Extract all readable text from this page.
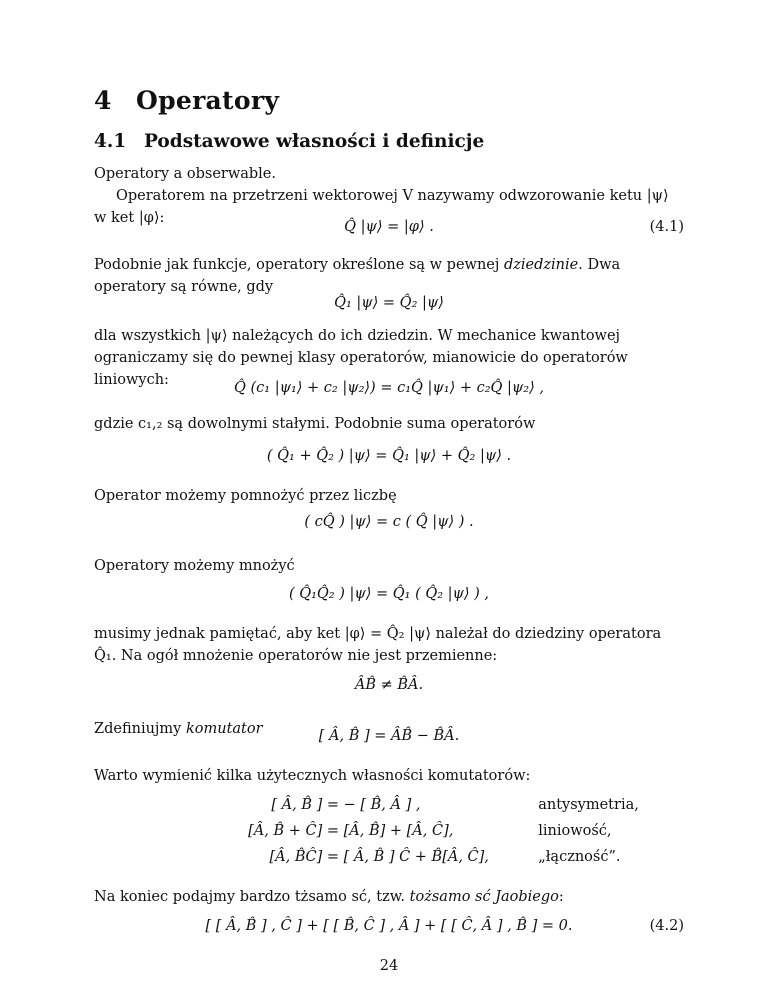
4 Operatory
4.1 Podstawowe własności i definicje
Operatory a obserwable.
Operatorem na przetrzeni wektorowej V nazywamy odwzorowanie ketu |ψ⟩ w ket |φ⟩:
Q̂ |ψ⟩ = |φ⟩ .	(4.1)
Podobnie jak funkcje, operatory określone są w pewnej dziedzinie. Dwa operatory są równe, gdy
Q̂₁ |ψ⟩ = Q̂₂ |ψ⟩
dla wszystkich |ψ⟩ należących do ich dziedzin. W mechanice kwantowej ograniczamy się do pewnej klasy operatorów, mianowicie do operatorów liniowych:	Q̂ (c₁ |ψ₁⟩ + c₂ |ψ₂⟩) = c₁Q̂ |ψ₁⟩ + c₂Q̂ |ψ₂⟩ ,
gdzie c₁,₂ są dowolnymi stałymi. Podobnie suma operatorów
( Q̂₁ + Q̂₂ ) |ψ⟩ = Q̂₁ |ψ⟩ + Q̂₂ |ψ⟩ .
Operator możemy pomnożyć przez liczbę
( cQ̂ ) |ψ⟩ = c ( Q̂ |ψ⟩ ) .
Operatory możemy mnożyć
( Q̂₁Q̂₂ ) |ψ⟩ = Q̂₁ ( Q̂₂ |ψ⟩ ) ,
musimy jednak pamiętać, aby ket |φ⟩ = Q̂₂ |ψ⟩ należał do dziedziny operatora Q̂₁. Na ogół mnożenie operatorów nie jest przemienne:
ÂB̂ ≠ B̂Â.
Zdefiniujmy komutator	[ Â, B̂ ] = ÂB̂ − B̂Â.
Warto wymienić kilka użytecznych własności komutatorów:
[ Â, B̂ ] = − [ B̂, Â ] ,	antysymetria,
[Â, B̂ + Ĉ] = [Â, B̂] + [Â, Ĉ],	liniowość,
[Â, B̂Ĉ] = [ Â, B̂ ] Ĉ + B̂[Â, Ĉ],	„łączność”.
Na koniec podajmy bardzo tżsamo sć, tzw. tożsamo sć Jaobiego:
[ [ Â, B̂ ] , Ĉ ] + [ [ B̂, Ĉ ] , Â ] + [ [ Ĉ, Â ] , B̂ ] = 0.	(4.2)
24
